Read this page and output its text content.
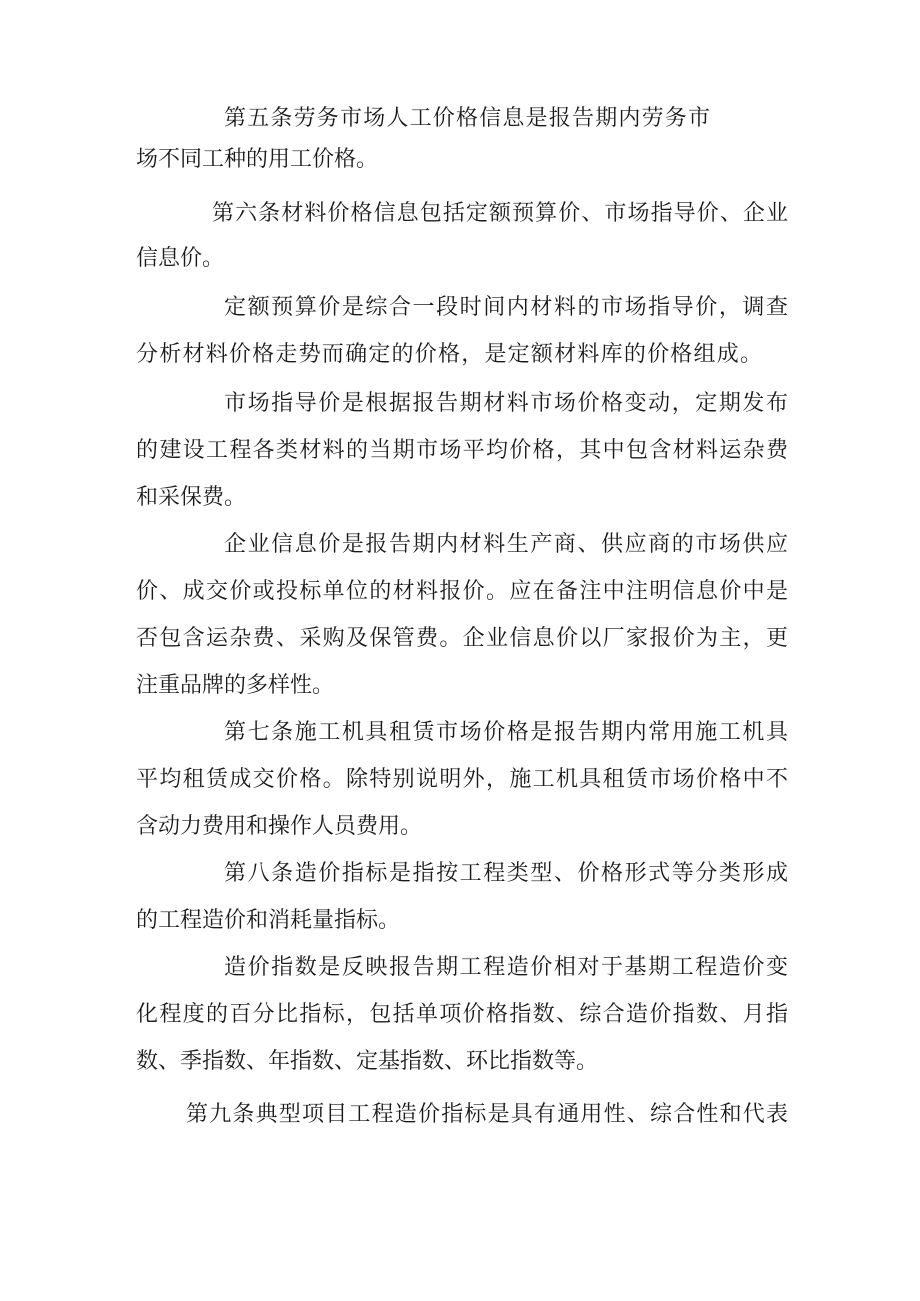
第五条劳务市场人工价格信息是报告期内劳务市

场不同工种的用工价格。

第六条材料价格信息包括定额预算价、市场指导价、企业

信息价。

定额预算价是综合一段时间内材料的市场指导价，调查

分析材料价格走势而确定的价格，是定额材料库的价格组成。

市场指导价是根据报告期材料市场价格变动，定期发布

的建设工程各类材料的当期市场平均价格，其中包含材料运杂费

和采保费。

企业信息价是报告期内材料生产商、供应商的市场供应

价、成交价或投标单位的材料报价。应在备注中注明信息价中是

否包含运杂费、采购及保管费。企业信息价以厂家报价为主，更

注重品牌的多样性。

第七条施工机具租赁市场价格是报告期内常用施工机具

平均租赁成交价格。除特别说明外，施工机具租赁市场价格中不

含动力费用和操作人员费用。

第八条造价指标是指按工程类型、价格形式等分类形成

的工程造价和消耗量指标。

造价指数是反映报告期工程造价相对于基期工程造价变

化程度的百分比指标，包括单项价格指数、综合造价指数、月指

数、季指数、年指数、定基指数、环比指数等。

第九条典型项目工程造价指标是具有通用性、综合性和代表
